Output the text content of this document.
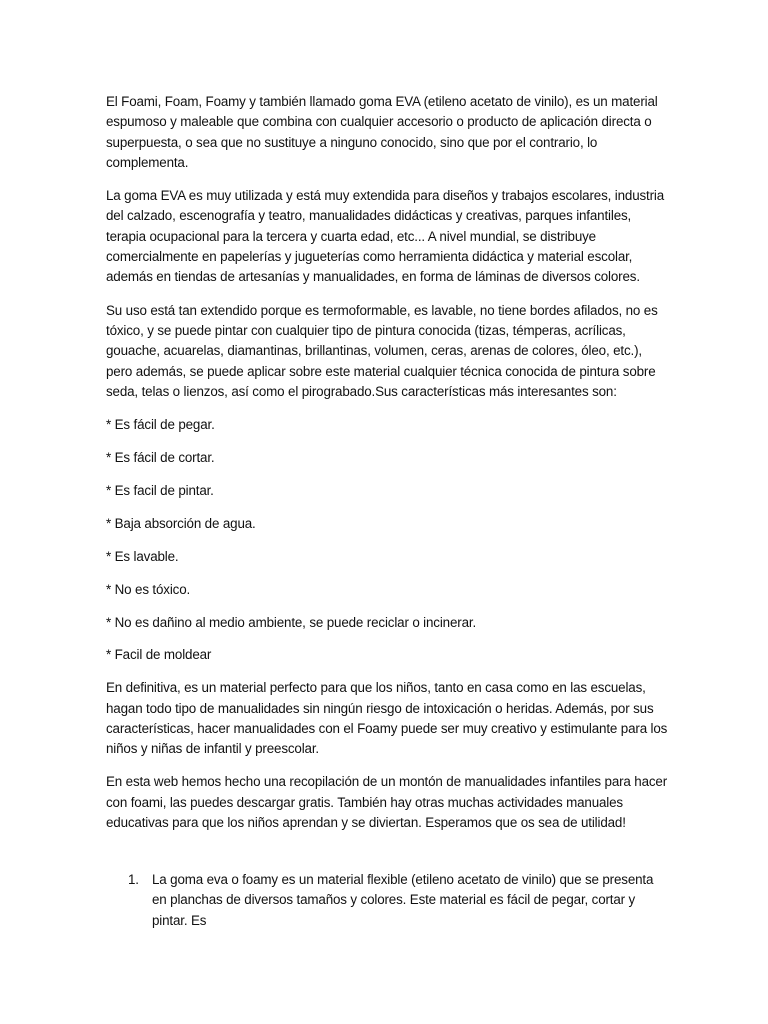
El Foami, Foam, Foamy y también llamado goma EVA (etileno acetato de vinilo), es un material espumoso y maleable que combina con cualquier accesorio o producto de aplicación directa o superpuesta, o sea que no sustituye a ninguno conocido, sino que por el contrario, lo complementa.

La goma EVA es muy utilizada y está muy extendida para diseños y trabajos escolares, industria del calzado, escenografía y teatro, manualidades didácticas y creativas, parques infantiles, terapia ocupacional para la tercera y cuarta edad, etc... A nivel mundial, se distribuye comercialmente en papelerías y jugueterías como herramienta didáctica y material escolar, además en tiendas de artesanías y manualidades, en forma de láminas de diversos colores.

Su uso está tan extendido porque es termoformable, es lavable, no tiene bordes afilados, no es tóxico, y se puede pintar con cualquier tipo de pintura conocida (tizas, témperas, acrílicas, gouache, acuarelas, diamantinas, brillantinas, volumen, ceras, arenas de colores, óleo, etc.), pero además, se puede aplicar sobre este material cualquier técnica conocida de pintura sobre seda, telas o lienzos, así como el pirograbado.Sus características más interesantes son:

* Es fácil de pegar.
* Es fácil de cortar.
* Es facil de pintar.
* Baja absorción de agua.
* Es lavable.
* No es tóxico.
* No es dañino al medio ambiente, se puede reciclar o incinerar.
* Facil de moldear

En definitiva, es un material perfecto para que los niños, tanto en casa como en las escuelas, hagan todo tipo de manualidades sin ningún riesgo de intoxicación o heridas. Además, por sus características, hacer manualidades con el Foamy puede ser muy creativo y estimulante para los niños y niñas de infantil y preescolar.

En esta web hemos hecho una recopilación de un montón de manualidades infantiles para hacer con foami, las puedes descargar gratis. También hay otras muchas actividades manuales educativas para que los niños aprendan y se diviertan. Esperamos que os sea de utilidad!

1. La goma eva o foamy es un material flexible (etileno acetato de vinilo) que se presenta en planchas de diversos tamaños y colores. Este material es fácil de pegar, cortar y pintar. Es
